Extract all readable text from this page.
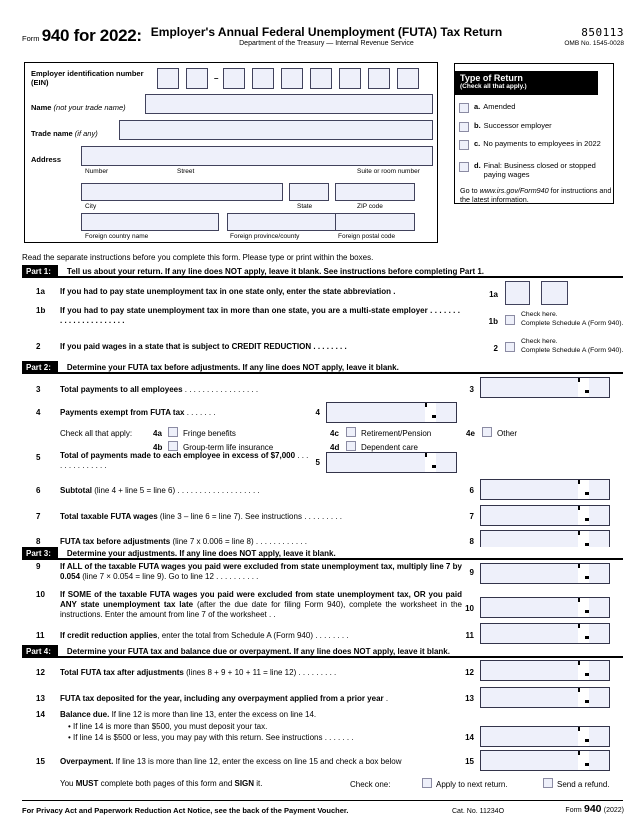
Form 940 for 2022: Employer's Annual Federal Unemployment (FUTA) Tax Return
Department of the Treasury — Internal Revenue Service
850113
OMB No. 1545-0028
Employer identification number
(EIN)	–
Name (not your trade name)
Trade name (if any)
Address
Number	Street	Suite or room number
City	State	ZIP code
Foreign country name	Foreign province/county	Foreign postal code
Type of Return
(Check all that apply.)
a. Amended
b. Successor employer
c. No payments to employees in 2022
d. Final: Business closed or stopped paying wages
Go to www.irs.gov/Form940 for instructions and the latest information.
Read the separate instructions before you complete this form. Please type or print within the boxes.
Part 1:	Tell us about your return. If any line does NOT apply, leave it blank. See instructions before completing Part 1.
1a If you had to pay state unemployment tax in one state only, enter the state abbreviation .	1a
1b If you had to pay state unemployment tax in more than one state, you are a multi-state employer . . . . . . . . . . . . . . . . . . . . . .	1b
Check here.
Complete Schedule A (Form 940).
2 If you paid wages in a state that is subject to CREDIT REDUCTION . . . . . . . .	2
Check here.
Complete Schedule A (Form 940).
Part 2:	Determine your FUTA tax before adjustments. If any line does NOT apply, leave it blank.
3 Total payments to all employees . . . . . . . . . . . . . . . . .	3
4 Payments exempt from FUTA tax . . . . . . .	4
Check all that apply:	4a	Fringe benefits	4c	Retirement/Pension	4e	Other
4b	Group-term life insurance	4d	Dependent care
5 Total of payments made to each employee in excess of $7,000 . . . . . . . . . . . . . .	5
6 Subtotal (line 4 + line 5 = line 6) . . . . . . . . . . . . . . . . . . .	6
7 Total taxable FUTA wages (line 3 – line 6 = line 7). See instructions . . . . . . . . .	7
8 FUTA tax before adjustments (line 7 x 0.006 = line 8) . . . . . . . . . . . .	8
Part 3:	Determine your adjustments. If any line does NOT apply, leave it blank.
9 If ALL of the taxable FUTA wages you paid were excluded from state unemployment tax, multiply line 7 by 0.054 (line 7 × 0.054 = line 9). Go to line 12 . . . . . . . . . .	9
10 If SOME of the taxable FUTA wages you paid were excluded from state unemployment tax, OR you paid ANY state unemployment tax late (after the due date for filing Form 940), complete the worksheet in the instructions. Enter the amount from line 7 of the worksheet . .
10
11 If credit reduction applies, enter the total from Schedule A (Form 940) . . . . . . . .	11
Part 4:	Determine your FUTA tax and balance due or overpayment. If any line does NOT apply, leave it blank.
12 Total FUTA tax after adjustments (lines 8 + 9 + 10 + 11 = line 12) . . . . . . . . .	12
13 FUTA tax deposited for the year, including any overpayment applied from a prior year .	13
14 Balance due. If line 12 is more than line 13, enter the excess on line 14.
• If line 14 is more than $500, you must deposit your tax.
• If line 14 is $500 or less, you may pay with this return. See instructions . . . . . . .	14
15 Overpayment. If line 13 is more than line 12, enter the excess on line 15 and check a box below	15
You MUST complete both pages of this form and SIGN it.	Check one:	Apply to next return.	Send a refund.
For Privacy Act and Paperwork Reduction Act Notice, see the back of the Payment Voucher.	Cat. No. 11234O	Form 940 (2022)
